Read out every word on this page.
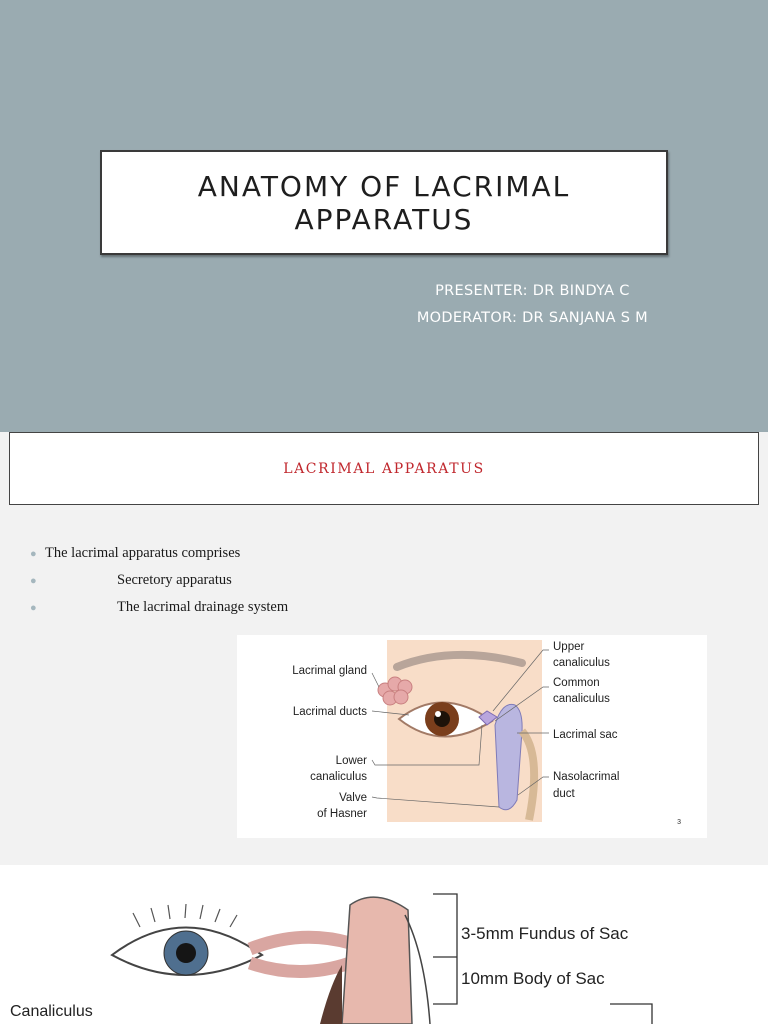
ANATOMY OF LACRIMAL
APPARATUS
PRESENTER: DR BINDYA C
MODERATOR: DR SANJANA S M
LACRIMAL APPARATUS
● The lacrimal apparatus comprises
●	Secretory apparatus
●	The lacrimal drainage system
Lacrimal gland
Lacrimal ducts
Lower
canaliculus
Valve
of Hasner
Upper
canaliculus
Common
canaliculus
Lacrimal sac
Nasolacrimal
duct
3
3-5mm Fundus of Sac
10mm Body of Sac
Canaliculus
